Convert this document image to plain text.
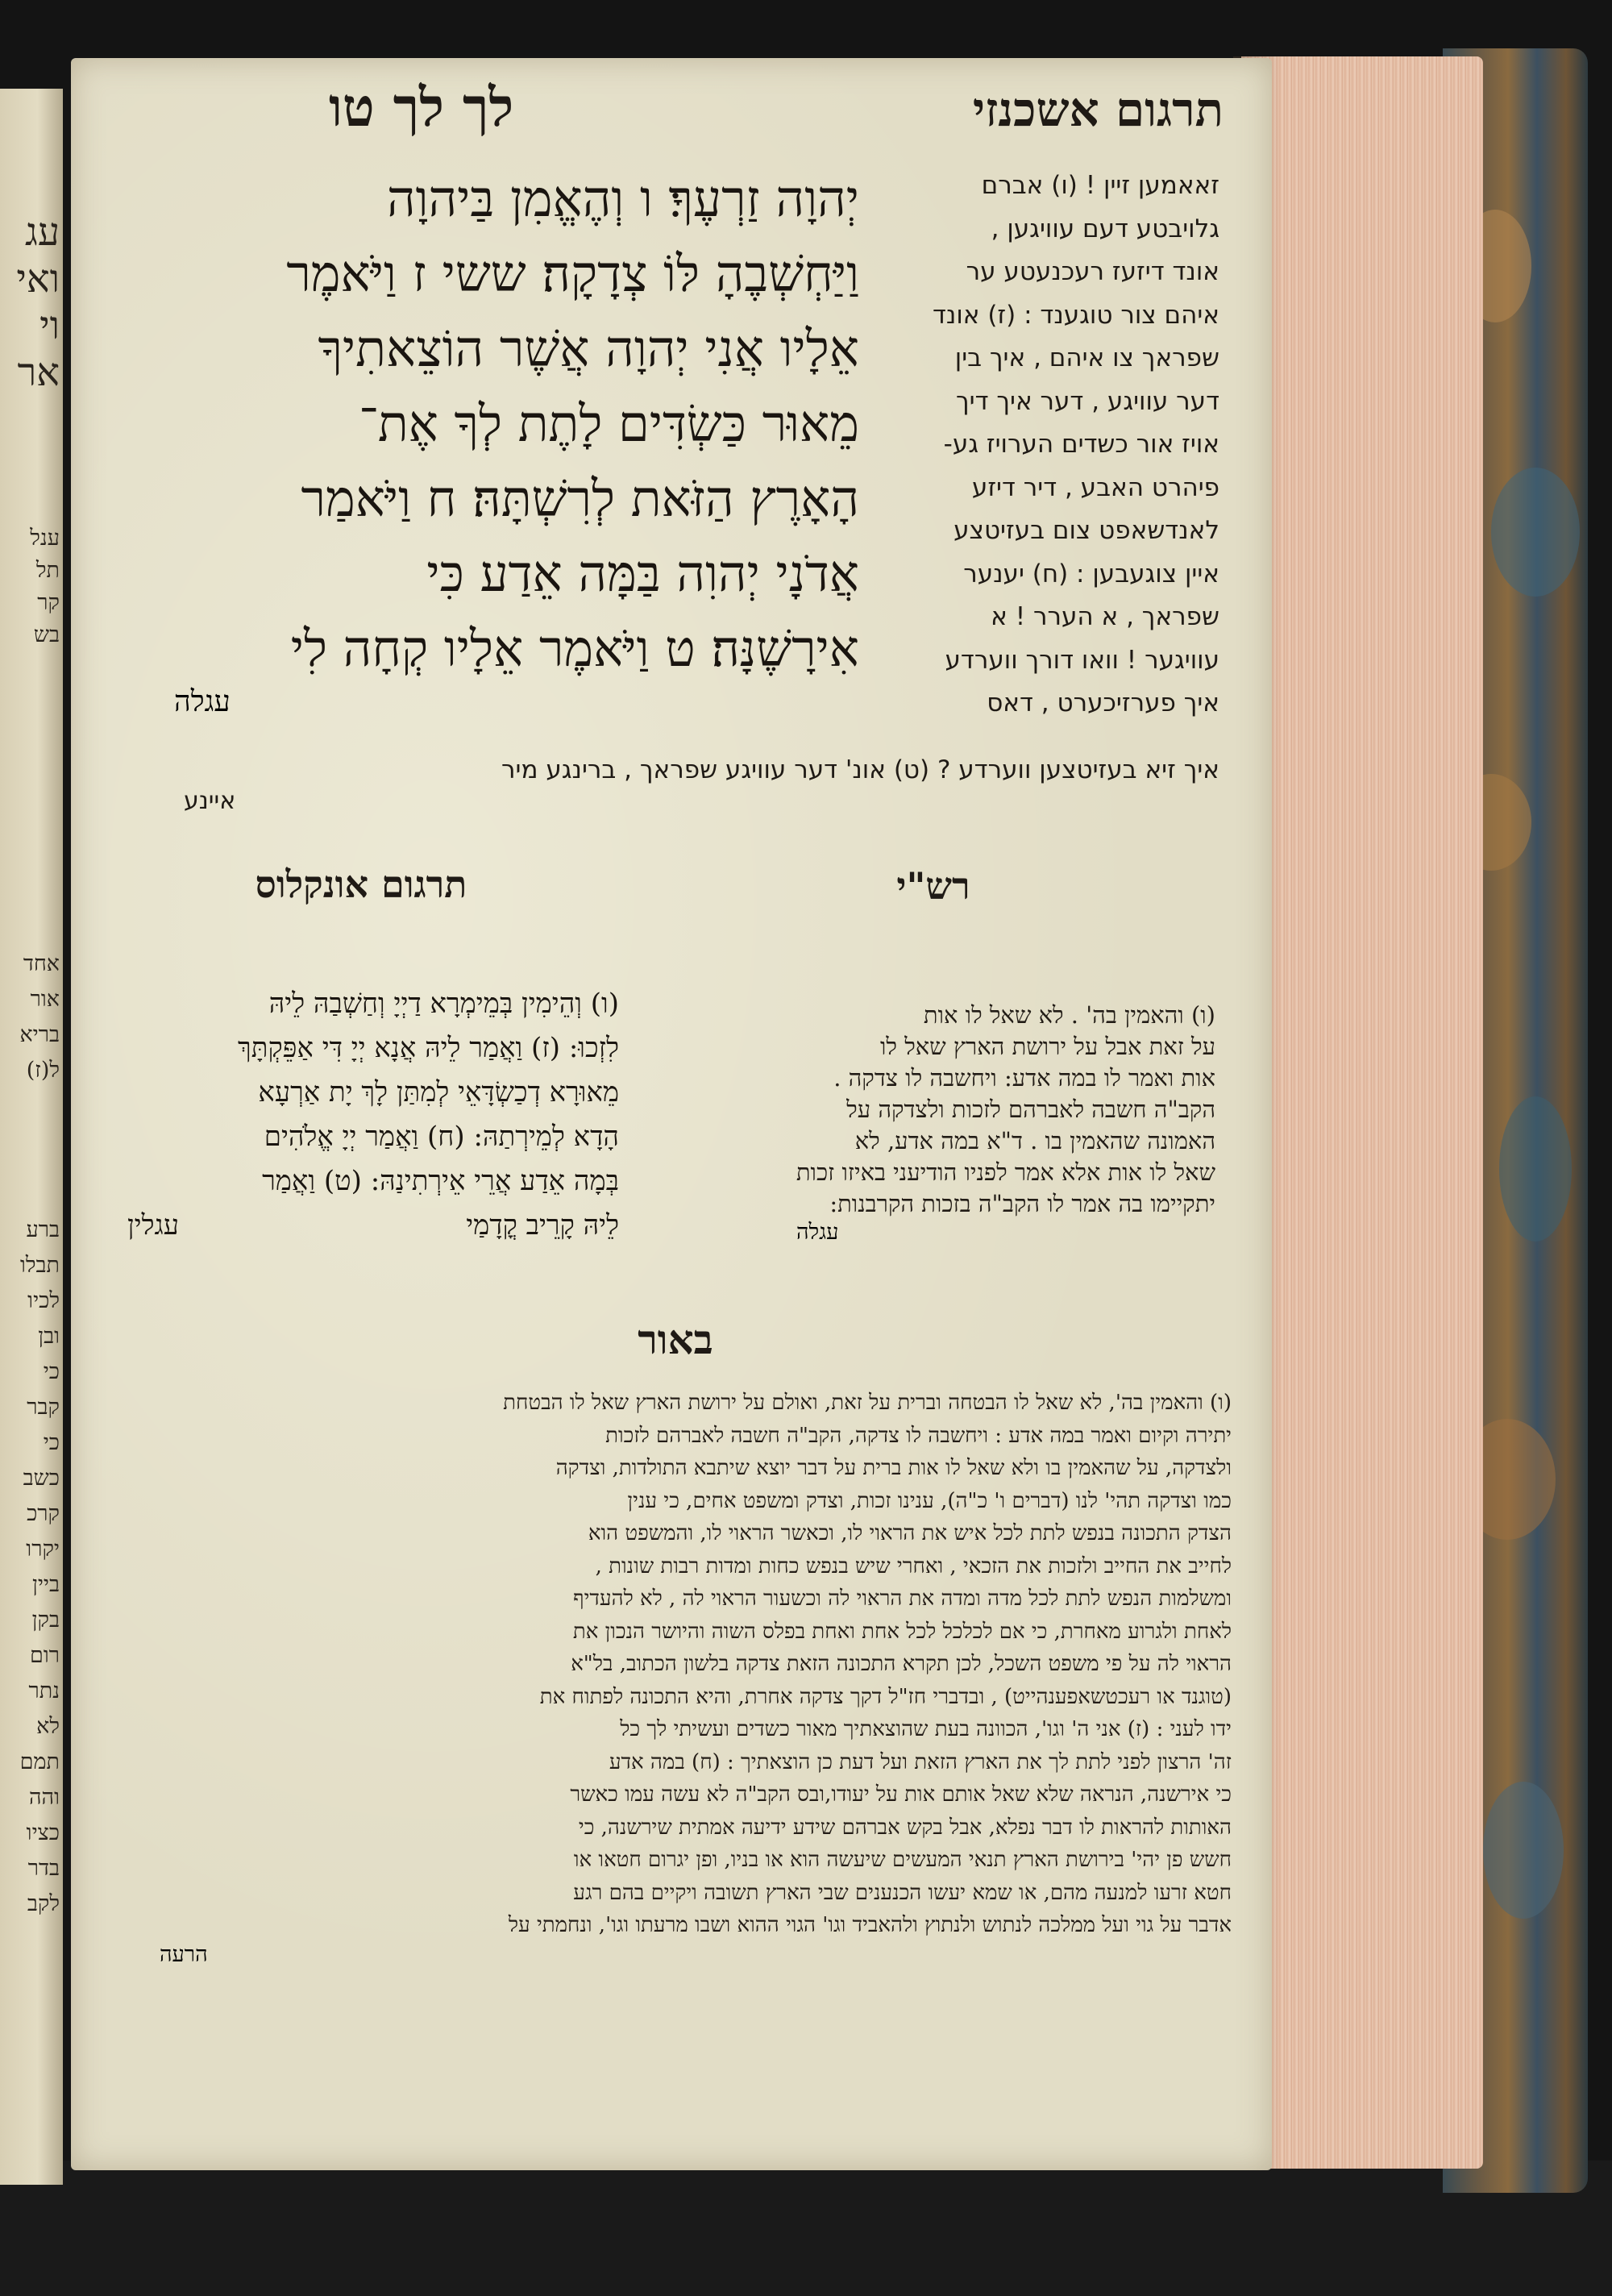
עג
ואי
וי
אר
ענל
תל
קר
בש
אחד
אור
בריא
ל(ז)
ברע
תבלו
לכיו
ובן
כי
קבר
כי
כשב
קרכ
יקרו
ביין
בקן
רום
נתר
לא
תמם
והה
כציו
בדר
לקב
תרגום אשכנזי
לך לך טו
יְהוָה זַרְעֶךָ׃ ו וְהֶאֱמִן בַּיהוָה
וַיַּחְשְׁבֶהָ לּוֹ צְדָקָה׃ ששי ז וַיֹּאמֶר
אֵלָיו אֲנִי יְהוָה אֲשֶׁר הוֹצֵאתִיךָ
מֵאוּר כַּשְׂדִּים לָתֶת לְךָ אֶת־
הָאָרֶץ הַזֹּאת לְרִשְׁתָּהּ׃ ח וַיֹּאמַר
אֲדֹנָי יְהוִה בַּמָּה אֵדַע כִּי
אִירָשֶׁנָּה׃ ט וַיֹּאמֶר אֵלָיו קְחָה לִי
עגלה
זאאמען זיין ! (ו) אברם
גלויבטע דעם עוויגען ,
אונד דיזעז רעכנעטע ער
איהם צור טוגענד : (ז) אונד
שפראך צו איהם , איך בין
דער עוויגע , דער איך דיך
אויז אור כשדים הערויז גע-
פיהרט האבע , דיר דיזע
לאנדשאפט צום בעזיטצע
איין צוגעבען : (ח) יענער
שפראך , א הערר ! א
עוויגער ! וואו דורך ווערדע
איך פערזיכערט , דאס
איך זיא בעזיטצען ווערדע ? (ט) אונ' דער עוויגע שפראך , ברינגע מיר
איינע
רש"י
תרגום אונקלוס
(ו) והאמין בה' . לא שאל לו אות
על זאת אבל על ירושת הארץ שאל לו
אות ואמר לו במה אדע: ויחשבה לו צדקה .
הקב"ה חשבה לאברהם לזכות ולצדקה על
האמונה שהאמין בו . ד"א במה אדע, לא
שאל לו אות אלא אמר לפניו הודיעני באיזו זכות
יתקיימו בה אמר לו הקב"ה בזכות הקרבנות:
עגלה
(ו) וְהֵימִין בְּמֵימְרָא דַיְיָ וְחַשְׁבַהּ לֵיהּ
לִזְכוּ: (ז) וַאֲמַר לֵיהּ אֲנָא יְיָ דִּי אַפֵּקְתָּךְ
מֵאוּרָא דְכַשְׂדָּאֵי לְמִתַּן לָךְ יָת אַרְעָא
הָדָא לְמֵירְתַהּ: (ח) וַאֲמַר יְיָ אֱלֹהִים
בְּמָה אֵדַע אֲרֵי אֵירְתִינַהּ: (ט) וַאֲמַר
לֵיהּ קָרֵיב קֳדָמַי
עגלין
באור
(ו) והאמין בה', לא שאל לו הבטחה וברית על זאת, ואולם על ירושת הארץ שאל לו הבטחת
יתירה וקיום ואמר במה אדע : ויחשבה לו צדקה, הקב"ה חשבה לאברהם לזכות
ולצדקה, על שהאמין בו ולא שאל לו אות ברית על דבר יוצא שיתבא התולדות, וצדקה
כמו וצדקה תהי' לנו (דברים ו' כ"ה), ענינו זכות, וצדק ומשפט אחים, כי ענין
הצדק התכונה בנפש לתת לכל איש את הראוי לו, וכאשר הראוי לו, והמשפט הוא
לחייב את החייב ולזכות את הזכאי , ואחרי שיש בנפש כחות ומדות רבות שונות ,
ומשלמות הנפש לתת לכל מדה ומדה את הראוי לה וכשעור הראוי לה , לא להעדיף
לאחת ולגרוע מאחרת, כי אם לכלכל לכל אחת ואחת בפלס השוה והיושר הנכון את
הראוי לה על פי משפט השכל, לכן תקרא התכונה הזאת צדקה בלשון הכתוב, בל"א
(טוגנד או רעכטשאפענהייט) , ובדברי חז"ל דקך צדקה אחרת, והיא התכונה לפתוח את
ידו לעני : (ז) אני ה' וגו', הכוונה בעת שהוצאתיך מאור כשדים ועשיתי לך כל
זה' הרצון לפני לתת לך את הארץ הזאת ועל דעת כן הוצאתיך : (ח) במה אדע
כי אירשנה, הנראה שלא שאל אותם אות על יעודו,ובס הקב"ה לא עשה עמו כאשר
האותות להראות לו דבר נפלא, אבל בקש אברהם שידע ידיעה אמתית שירשנה, כי
חשש פן יהי' בירושת הארץ תנאי המעשים שיעשה הוא או בניו, ופן יגרום חטאו או
חטא זרעו למנעה מהם, או שמא יעשו הכנענים שבי הארץ תשובה ויקיים בהם רגע
אדבר על גוי ועל ממלכה לנתוש ולנתוץ ולהאביד וגו' הגוי ההוא ושבו מרעתו וגו', ונחמתי על
הרעה
